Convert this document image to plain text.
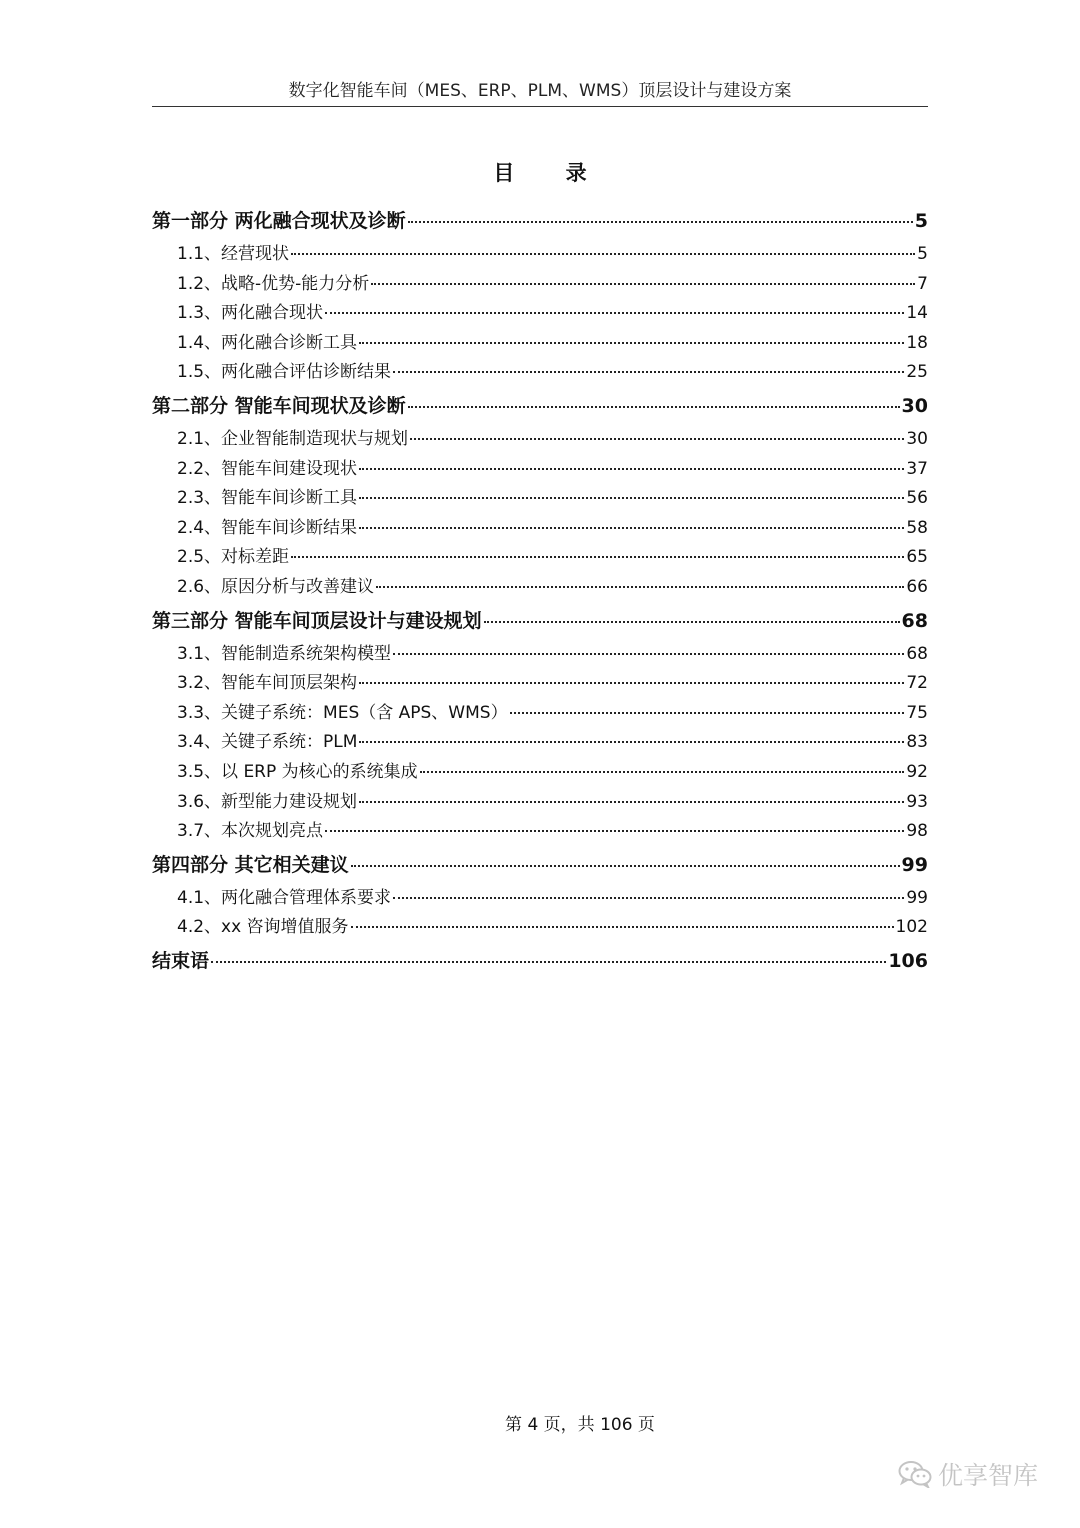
数字化智能车间（MES、ERP、PLM、WMS）顶层设计与建设方案
目 录
第一部分 两化融合现状及诊断	5
1.1、经营现状	5
1.2、战略-优势-能力分析	7
1.3、两化融合现状	14
1.4、两化融合诊断工具	18
1.5、两化融合评估诊断结果	25
第二部分 智能车间现状及诊断	30
2.1、企业智能制造现状与规划	30
2.2、智能车间建设现状	37
2.3、智能车间诊断工具	56
2.4、智能车间诊断结果	58
2.5、对标差距	65
2.6、原因分析与改善建议	66
第三部分 智能车间顶层设计与建设规划	68
3.1、智能制造系统架构模型	68
3.2、智能车间顶层架构	72
3.3、关键子系统：MES（含 APS、WMS）	75
3.4、关键子系统：PLM	83
3.5、以 ERP 为核心的系统集成	92
3.6、新型能力建设规划	93
3.7、本次规划亮点	98
第四部分 其它相关建议	99
4.1、两化融合管理体系要求	99
4.2、xx 咨询增值服务	102
结束语	106
第 4 页，共 106 页
优享智库
